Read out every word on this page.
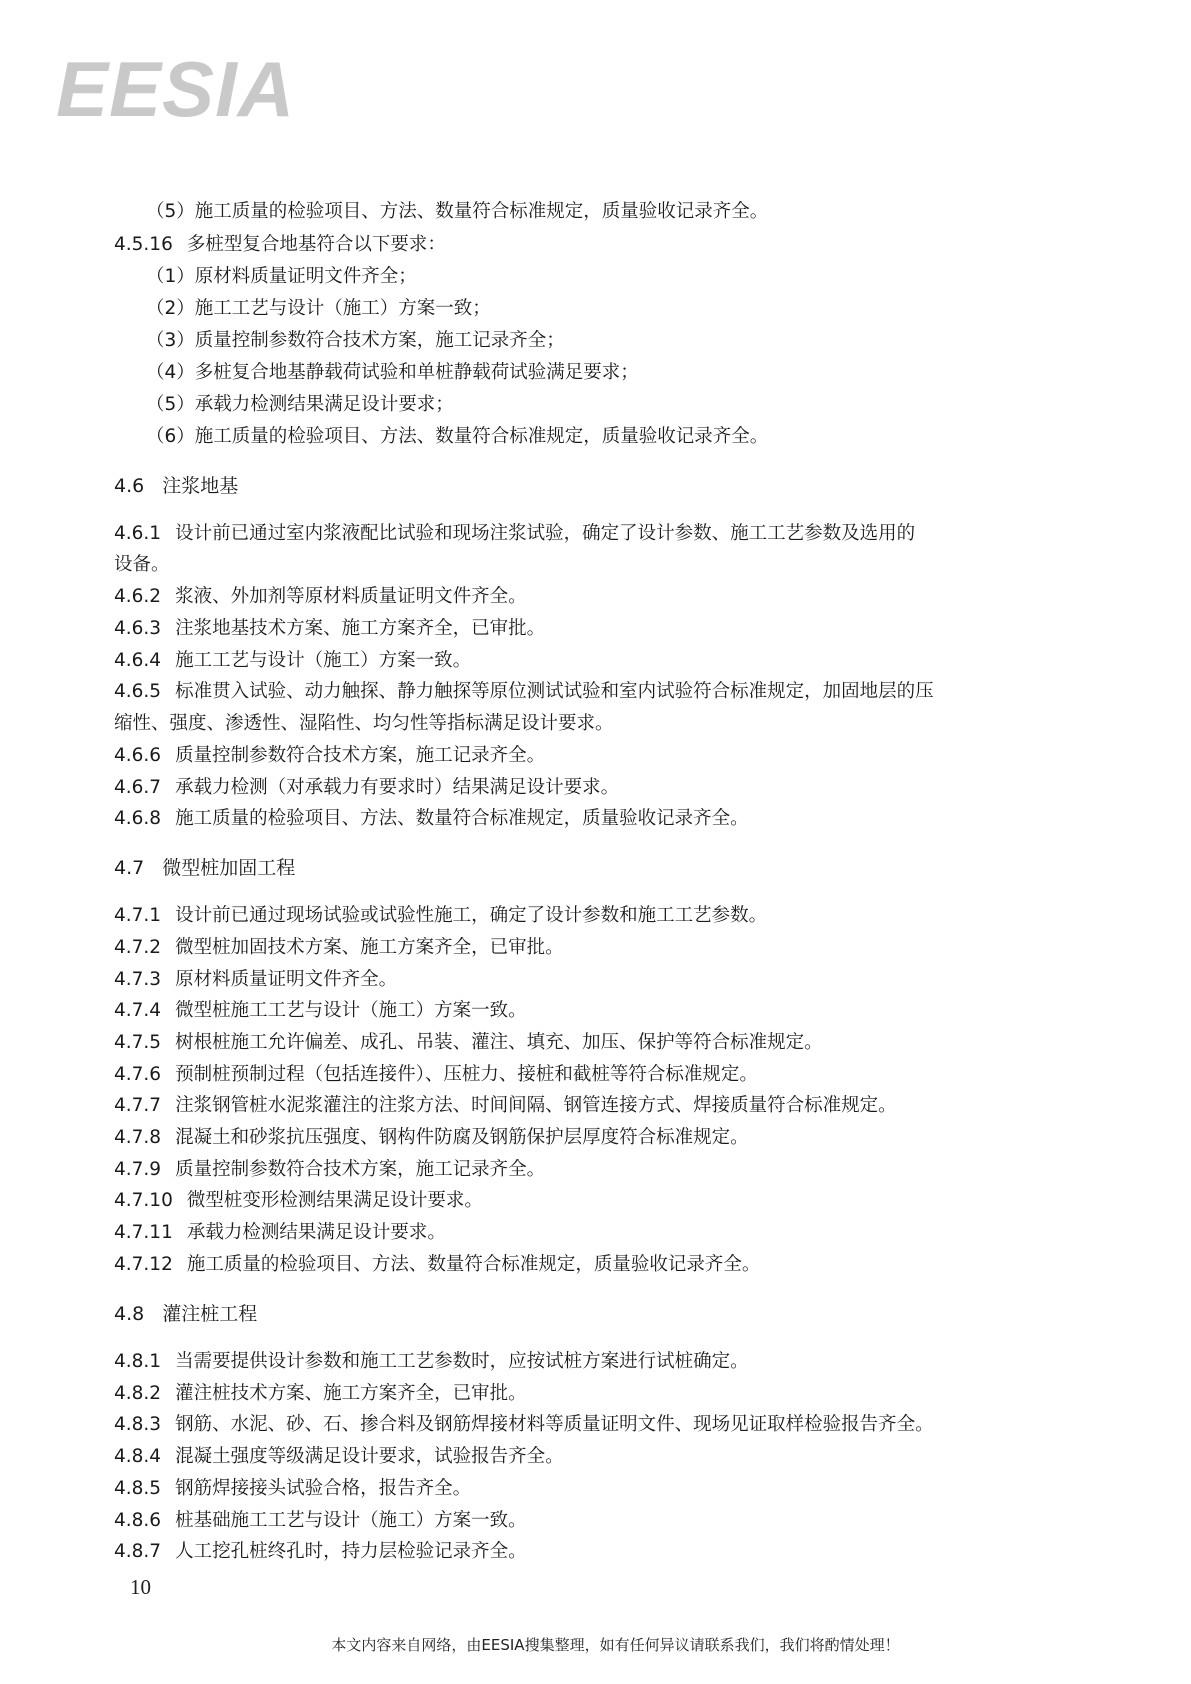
EESIA
（5）施工质量的检验项目、方法、数量符合标准规定，质量验收记录齐全。
4.5.16 多桩型复合地基符合以下要求：
（1）原材料质量证明文件齐全；
（2）施工工艺与设计（施工）方案一致；
（3）质量控制参数符合技术方案，施工记录齐全；
（4）多桩复合地基静载荷试验和单桩静载荷试验满足要求；
（5）承载力检测结果满足设计要求；
（6）施工质量的检验项目、方法、数量符合标准规定，质量验收记录齐全。
4.6 注浆地基
4.6.1 设计前已通过室内浆液配比试验和现场注浆试验，确定了设计参数、施工工艺参数及选用的
设备。
4.6.2 浆液、外加剂等原材料质量证明文件齐全。
4.6.3 注浆地基技术方案、施工方案齐全，已审批。
4.6.4 施工工艺与设计（施工）方案一致。
4.6.5 标准贯入试验、动力触探、静力触探等原位测试试验和室内试验符合标准规定，加固地层的压
缩性、强度、渗透性、湿陷性、均匀性等指标满足设计要求。
4.6.6 质量控制参数符合技术方案，施工记录齐全。
4.6.7 承载力检测（对承载力有要求时）结果满足设计要求。
4.6.8 施工质量的检验项目、方法、数量符合标准规定，质量验收记录齐全。
4.7 微型桩加固工程
4.7.1 设计前已通过现场试验或试验性施工，确定了设计参数和施工工艺参数。
4.7.2 微型桩加固技术方案、施工方案齐全，已审批。
4.7.3 原材料质量证明文件齐全。
4.7.4 微型桩施工工艺与设计（施工）方案一致。
4.7.5 树根桩施工允许偏差、成孔、吊装、灌注、填充、加压、保护等符合标准规定。
4.7.6 预制桩预制过程（包括连接件）、压桩力、接桩和截桩等符合标准规定。
4.7.7 注浆钢管桩水泥浆灌注的注浆方法、时间间隔、钢管连接方式、焊接质量符合标准规定。
4.7.8 混凝土和砂浆抗压强度、钢构件防腐及钢筋保护层厚度符合标准规定。
4.7.9 质量控制参数符合技术方案，施工记录齐全。
4.7.10 微型桩变形检测结果满足设计要求。
4.7.11 承载力检测结果满足设计要求。
4.7.12 施工质量的检验项目、方法、数量符合标准规定，质量验收记录齐全。
4.8 灌注桩工程
4.8.1 当需要提供设计参数和施工工艺参数时，应按试桩方案进行试桩确定。
4.8.2 灌注桩技术方案、施工方案齐全，已审批。
4.8.3 钢筋、水泥、砂、石、掺合料及钢筋焊接材料等质量证明文件、现场见证取样检验报告齐全。
4.8.4 混凝土强度等级满足设计要求，试验报告齐全。
4.8.5 钢筋焊接接头试验合格，报告齐全。
4.8.6 桩基础施工工艺与设计（施工）方案一致。
4.8.7 人工挖孔桩终孔时，持力层检验记录齐全。
10
本文内容来自网络，由EESIA搜集整理，如有任何异议请联系我们，我们将酌情处理！
